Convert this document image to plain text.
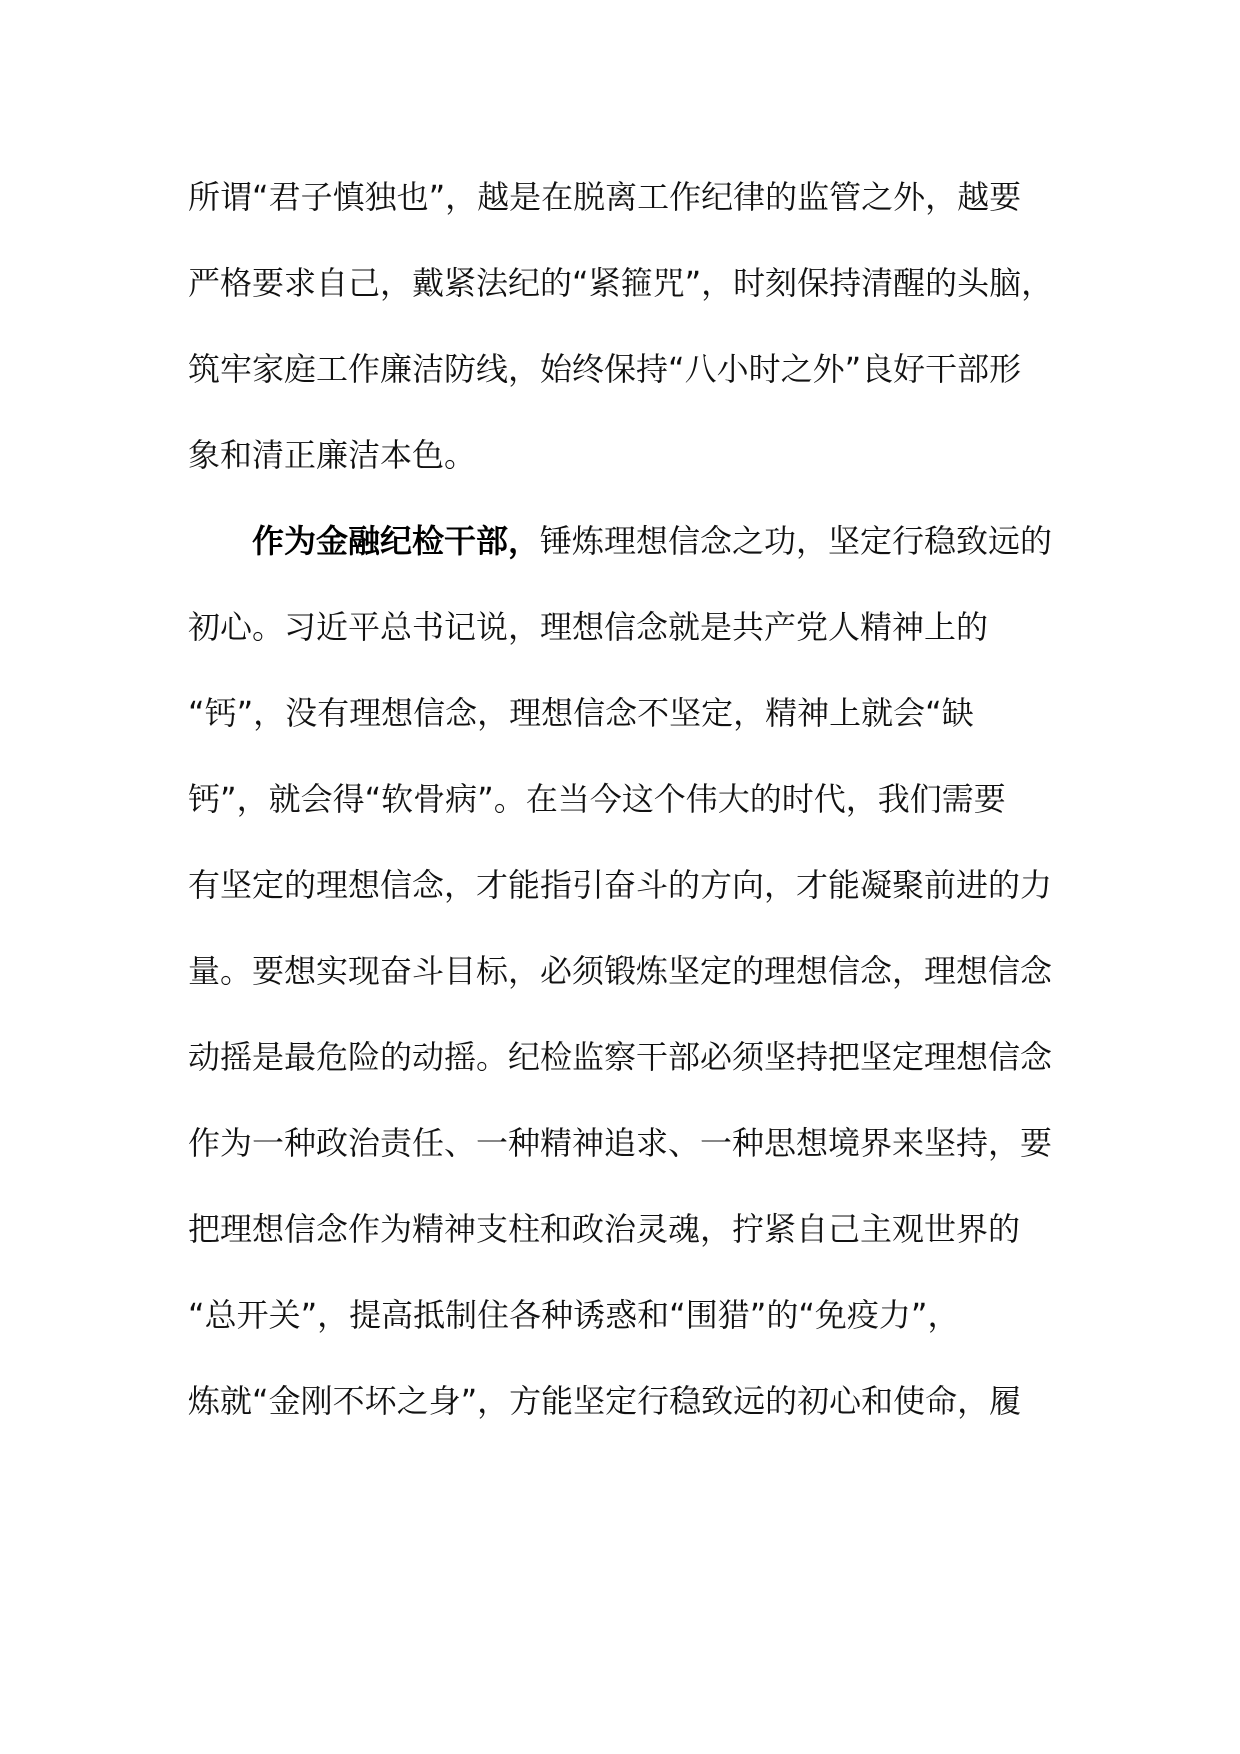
所谓“君子慎独也”，越是在脱离工作纪律的监管之外，越要
严格要求自己，戴紧法纪的“紧箍咒”，时刻保持清醒的头脑，
筑牢家庭工作廉洁防线，始终保持“八小时之外”良好干部形
象和清正廉洁本色。
作为金融纪检干部，锤炼理想信念之功，坚定行稳致远的
初心。习近平总书记说，理想信念就是共产党人精神上的
“钙”，没有理想信念，理想信念不坚定，精神上就会“缺
钙”，就会得“软骨病”。在当今这个伟大的时代，我们需要
有坚定的理想信念，才能指引奋斗的方向，才能凝聚前进的力
量。要想实现奋斗目标，必须锻炼坚定的理想信念，理想信念
动摇是最危险的动摇。纪检监察干部必须坚持把坚定理想信念
作为一种政治责任、一种精神追求、一种思想境界来坚持，要
把理想信念作为精神支柱和政治灵魂，拧紧自己主观世界的
“总开关”，提高抵制住各种诱惑和“围猎”的“免疫力”，
炼就“金刚不坏之身”，方能坚定行稳致远的初心和使命，履
